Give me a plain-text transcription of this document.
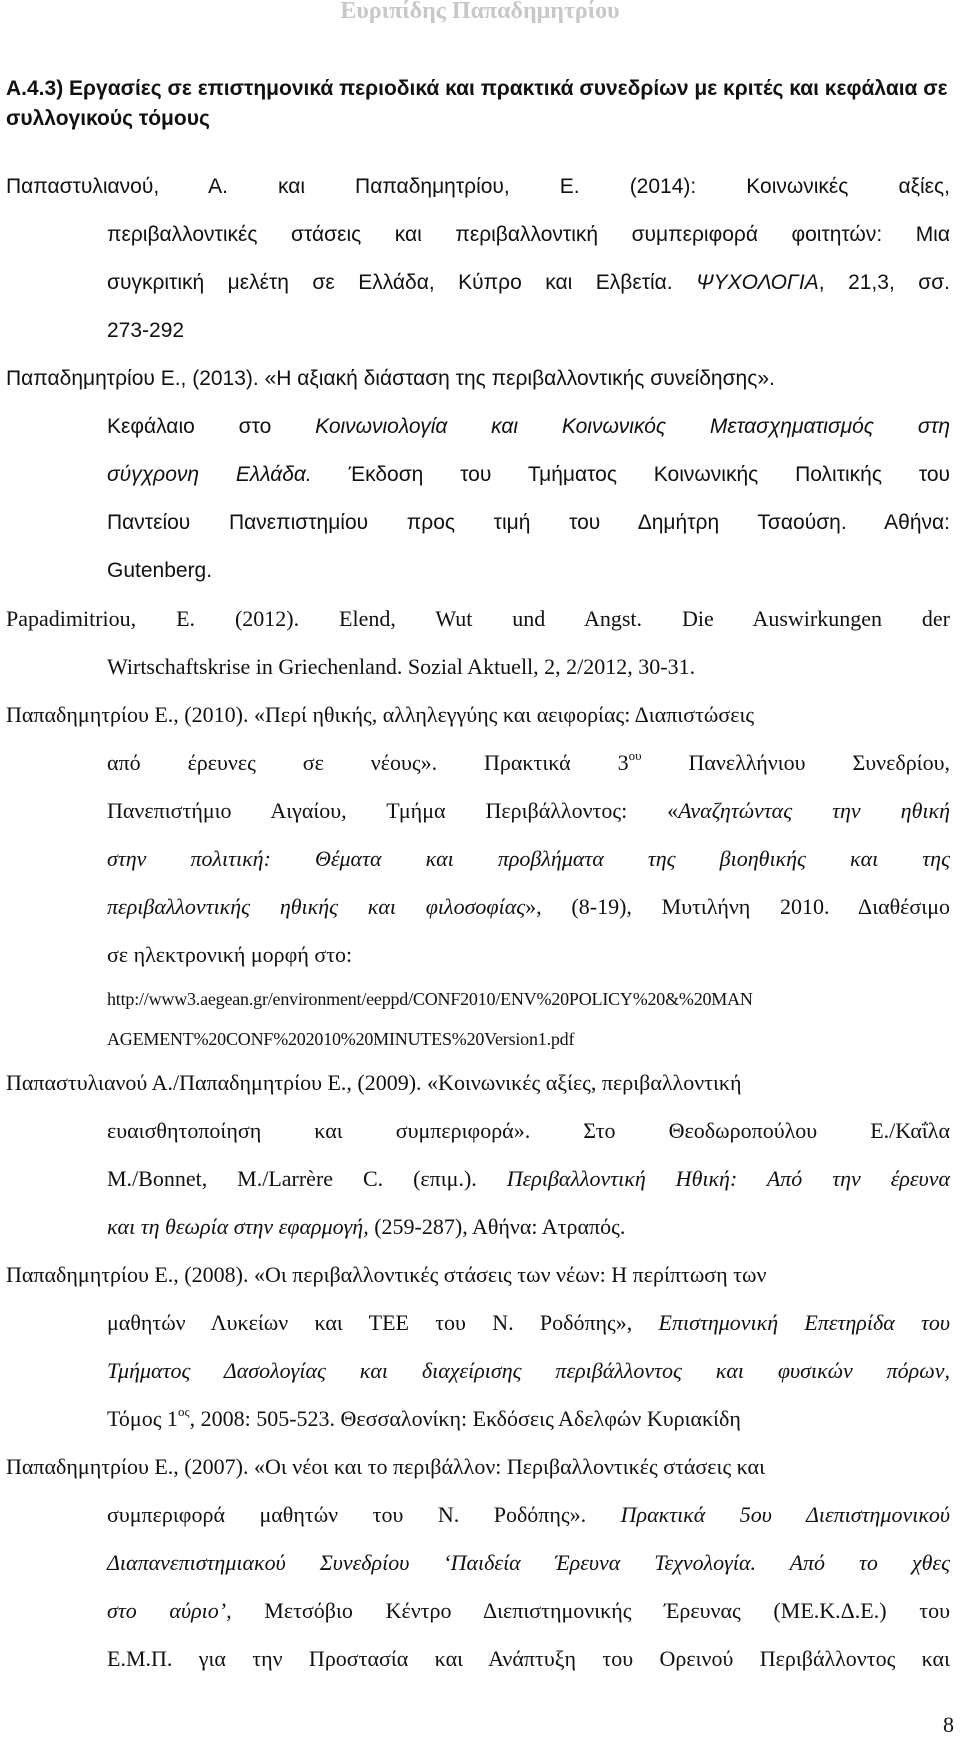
Ευριπίδης Παπαδημητρίου
Α.4.3) Εργασίες σε επιστημονικά περιοδικά και πρακτικά συνεδρίων με κριτές και κεφάλαια σε συλλογικούς τόμους

Παπαστυλιανού, Α. και Παπαδημητρίου, Ε. (2014): Κοινωνικές αξίες,

περιβαλλοντικές στάσεις και περιβαλλοντική συμπεριφορά φοιτητών: Μια

συγκριτική μελέτη σε Ελλάδα, Κύπρο και Ελβετία. ΨΥΧΟΛΟΓΙΑ, 21,3, σσ.

273-292

Παπαδημητρίου Ε., (2013). «Η αξιακή διάσταση της περιβαλλοντικής συνείδησης».

Κεφάλαιο στο Κοινωνιολογία και Κοινωνικός Μετασχηματισμός στη

σύγχρονη Ελλάδα. Έκδοση του Τμήματος Κοινωνικής Πολιτικής του

Παντείου Πανεπιστημίου προς τιμή του Δημήτρη Τσαούση. Αθήνα:

Gutenberg.

Papadimitriou, E. (2012). Elend, Wut und Angst. Die Auswirkungen der

Wirtschaftskrise in Griechenland. Sozial Aktuell, 2, 2/2012, 30-31.

Παπαδημητρίου Ε., (2010). «Περί ηθικής, αλληλεγγύης και αειφορίας: Διαπιστώσεις

από έρευνες σε νέους». Πρακτικά $3^{o\upsilon}$ Πανελλήνιου Συνεδρίου,

Πανεπιστήμιο Αιγαίου, Τμήμα Περιβάλλοντος: «Αναζητώντας την ηθική

στην πολιτική: Θέματα και προβλήματα της βιοηθικής και της

περιβαλλοντικής ηθικής και φιλοσοφίας», (8-19), Μυτιλήνη 2010. Διαθέσιμο

σε ηλεκτρονική μορφή στο:

http://www3.aegean.gr/environment/eeppd/CONF2010/ENV%20POLICY%20&%20MAN

AGEMENT%20CONF%202010%20MINUTES%20Version1.pdf

Παπαστυλιανού Α./Παπαδημητρίου Ε., (2009). «Κοινωνικές αξίες, περιβαλλοντική

ευαισθητοποίηση και συμπεριφορά». Στο Θεοδωροπούλου Ε./Καΐλα

M./Bonnet, M./Larrère C. (επιμ.). Περιβαλλοντική Ηθική: Από την έρευνα

και τη θεωρία στην εφαρμογή, (259-287), Αθήνα: Ατραπός.

Παπαδημητρίου Ε., (2008). «Οι περιβαλλοντικές στάσεις των νέων: Η περίπτωση των

μαθητών Λυκείων και ΤΕΕ του Ν. Ροδόπης», Επιστημονική Επετηρίδα του

Τμήματος Δασολογίας και διαχείρισης περιβάλλοντος και φυσικών πόρων,

Τόμος $1^{o\varsigma}$, 2008: 505-523. Θεσσαλονίκη: Εκδόσεις Αδελφών Κυριακίδη

Παπαδημητρίου Ε., (2007). «Οι νέοι και το περιβάλλον: Περιβαλλοντικές στάσεις και

συμπεριφορά μαθητών του Ν. Ροδόπης». Πρακτικά 5ου Διεπιστημονικού

Διαπανεπιστημιακού Συνεδρίου ‘Παιδεία Έρευνα Τεχνολογία. Από το χθες

στο αύριο’, Μετσόβιο Κέντρο Διεπιστημονικής Έρευνας (ΜΕ.Κ.Δ.Ε.) του

Ε.Μ.Π. για την Προστασία και Ανάπτυξη του Ορεινού Περιβάλλοντος και

8
